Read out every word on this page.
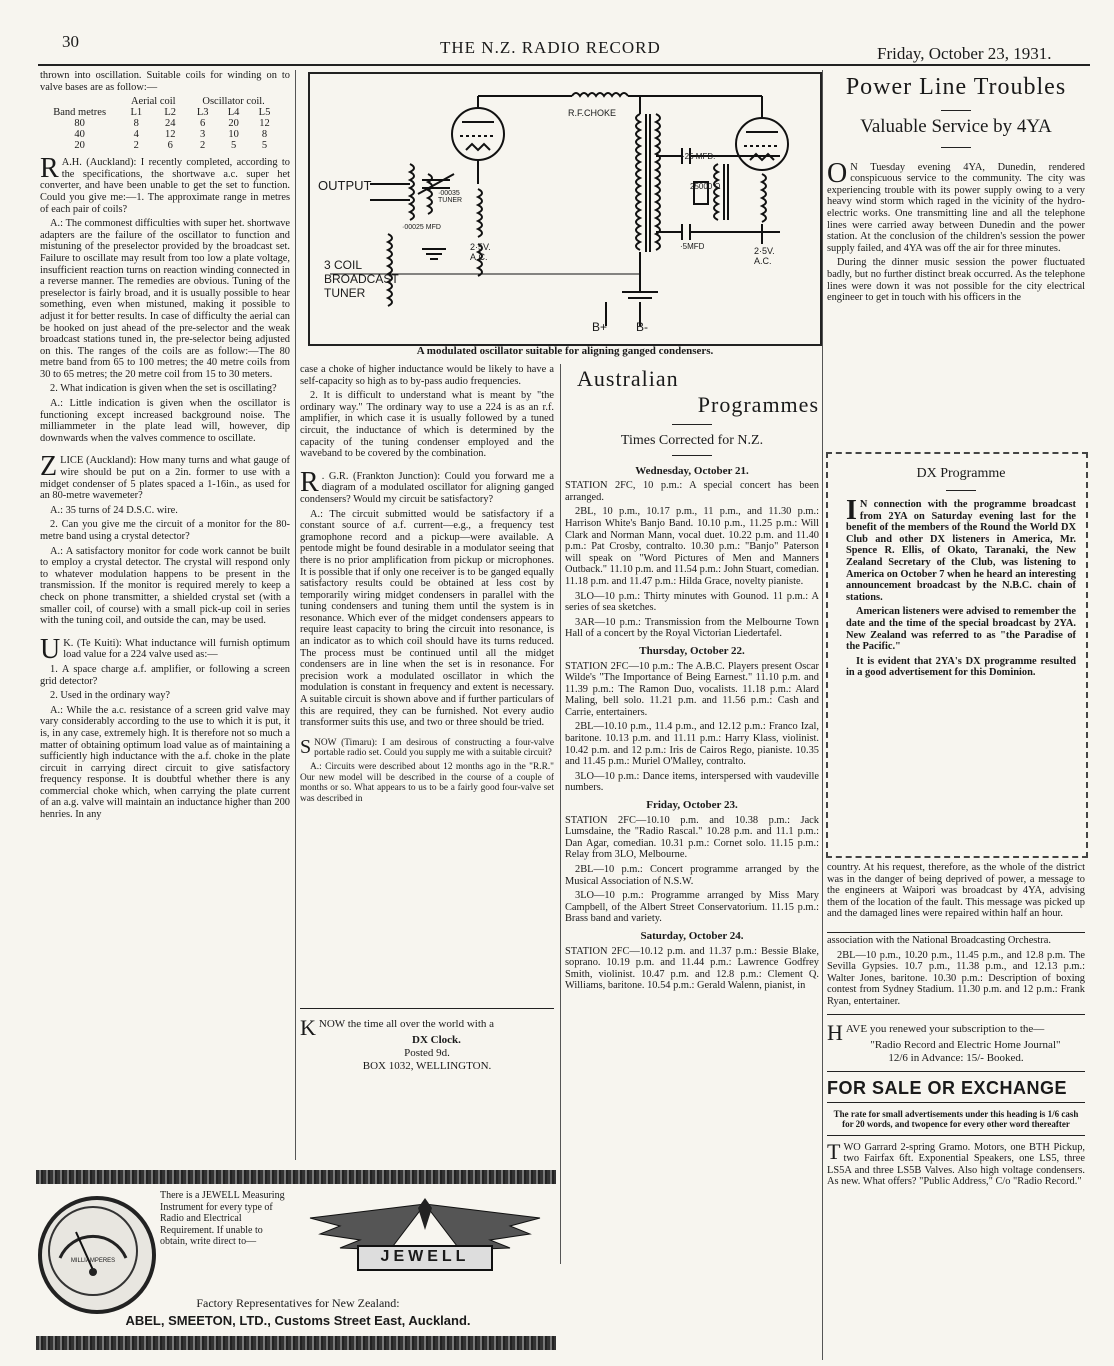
30	THE N.Z. RADIO RECORD	Friday, October 23, 1931.

thrown into oscillation. Suitable coils for winding on to valve bases are as follow:—

	Aerial coil		Oscillator coil.		
Band metres	L1	L2	L3	L4	L5
80	8	24	6	20	12
40	4	12	3	10	8
20	2	6	2	5	5

R A.H. (Auckland): I recently completed, according to the specifications, the shortwave a.c. super het converter, and have been unable to get the set to function. Could you give me:—1. The approximate range in metres of each pair of coils?

A.: The commonest difficulties with super het. shortwave adapters are the failure of the oscillator to function and mistuning of the preselector provided by the broadcast set. Failure to oscillate may result from too low a plate voltage, insufficient reaction turns on reaction winding connected in a reverse manner. The remedies are obvious. Tuning of the preselector is fairly broad, and it is usually possible to hear something, even when mistuned, making it possible to adjust it for better results. In case of difficulty the aerial can be hooked on just ahead of the pre-selector and the weak broadcast stations tuned in, the pre-selector being adjusted on this. The ranges of the coils are as follow:—The 80 metre band from 65 to 100 metres; the 40 metre coils from 30 to 65 metres; the 20 metre coil from 15 to 30 meters.

2. What indication is given when the set is oscillating?

A.: Little indication is given when the oscillator is functioning except increased background noise. The milliammeter in the plate lead will, however, dip downwards when the valves commence to oscillate.

ZLICE (Auckland): How many turns and what gauge of wire should be put on a 2in. former to use with a midget condenser of 5 plates spaced a 1-16in., as used for an 80-metre wavemeter?

A.: 35 turns of 24 D.S.C. wire.

2. Can you give me the circuit of a monitor for the 80-metre band using a crystal detector?

A.: A satisfactory monitor for code work cannot be built to employ a crystal detector. The crystal will respond only to whatever modulation happens to be present in the transmission. If the monitor is required merely to keep a check on phone transmitter, a shielded crystal set (with a smaller coil, of course) with a small pick-up coil in series with the tuning coil, and outside the can, may be used.

U K. (Te Kuiti): What inductance will furnish optimum load value for a 224 valve used as:—

1. A space charge a.f. amplifier, or following a screen grid detector?

2. Used in the ordinary way?

A.: While the a.c. resistance of a screen grid valve may vary considerably according to the use to which it is put, it is, in any case, extremely high. It is therefore not so much a matter of obtaining optimum load value as of maintaining a sufficiently high inductance with the a.f. choke in the plate circuit in carrying direct circuit to give satisfactory frequency response. It is doubtful whether there is any commercial choke which, when carrying the plate current of an a.g. valve will maintain an inductance higher than 200 henries. In any

R.F.CHOKE
OUTPUT
·00035 TUNER
·25 MFD.
25000 Ω
·5MFD
·00025 MFD
2·5V. A.C.
2·5V. A.C.
3 COIL BROADCAST TUNER
B+ B-
A modulated oscillator suitable for aligning ganged condensers.

case a choke of higher inductance would be likely to have a self-capacity so high as to by-pass audio frequencies.

2. It is difficult to understand what is meant by "the ordinary way." The ordinary way to use a 224 is as an r.f. amplifier, in which case it is usually followed by a tuned circuit, the inductance of which is determined by the capacity of the tuning condenser employed and the waveband to be covered by the combination.

R . G.R. (Frankton Junction): Could you forward me a diagram of a modulated oscillator for aligning ganged condensers? Would my circuit be satisfactory?

A.: The circuit submitted would be satisfactory if a constant source of a.f. current—e.g., a frequency test gramophone record and a pickup—were available. A pentode might be found desirable in a modulator seeing that there is no prior amplification from pickup or microphones. It is possible that if only one receiver is to be ganged equally satisfactory results could be obtained at less cost by temporarily wiring midget condensers in parallel with the tuning condensers and tuning them until the system is in resonance. Which ever of the midget condensers appears to require least capacity to bring the circuit into resonance, is an indicator as to which coil should have its turns reduced. The process must be continued until all the midget condensers are in line when the set is in resonance. For precision work a modulated oscillator in which the modulation is constant in frequency and extent is necessary. A suitable circuit is shown above and if further particulars of this are required, they can be furnished. Not every audio transformer suits this use, and two or three should be tried.

SNOW (Timaru): I am desirous of constructing a four-valve portable radio set. Could you supply me with a suitable circuit?

A.: Circuits were described about 12 months ago in the "R.R." Our new model will be described in the course of a couple of months or so. What appears to us to be a fairly good four-valve set was described in

KNOW the time all over the world with a

DX Clock.
Posted 9d.
BOX 1032, WELLINGTON.
Australian
Programmes
Times Corrected for N.Z.
Wednesday, October 21.

STATION 2FC, 10 p.m.: A special concert has been arranged.

2BL, 10 p.m., 10.17 p.m., 11 p.m., and 11.30 p.m.: Harrison White's Banjo Band. 10.10 p.m., 11.25 p.m.: Will Clark and Norman Mann, vocal duet. 10.22 p.m. and 11.40 p.m.: Pat Crosby, contralto. 10.30 p.m.: "Banjo" Paterson will speak on "Word Pictures of Men and Manners Outback." 11.10 p.m. and 11.54 p.m.: John Stuart, comedian. 11.18 p.m. and 11.47 p.m.: Hilda Grace, novelty pianiste.

3LO—10 p.m.: Thirty minutes with Gounod. 11 p.m.: A series of sea sketches.

3AR—10 p.m.: Transmission from the Melbourne Town Hall of a concert by the Royal Victorian Liedertafel.

Thursday, October 22.

STATION 2FC—10 p.m.: The A.B.C. Players present Oscar Wilde's "The Importance of Being Earnest." 11.10 p.m. and 11.39 p.m.: The Ramon Duo, vocalists. 11.18 p.m.: Alard Maling, bell solo. 11.21 p.m. and 11.56 p.m.: Cash and Carrie, entertainers.

2BL—10.10 p.m., 11.4 p.m., and 12.12 p.m.: Franco Izal, baritone. 10.13 p.m. and 11.11 p.m.: Harry Klass, violinist. 10.42 p.m. and 12 p.m.: Iris de Cairos Rego, pianiste. 10.35 and 11.45 p.m.: Muriel O'Malley, contralto.

3LO—10 p.m.: Dance items, interspersed with vaudeville numbers.

Friday, October 23.

STATION 2FC—10.10 p.m. and 10.38 p.m.: Jack Lumsdaine, the "Radio Rascal." 10.28 p.m. and 11.1 p.m.: Dan Agar, comedian. 10.31 p.m.: Cornet solo. 11.15 p.m.: Relay from 3LO, Melbourne.

2BL—10 p.m.: Concert programme arranged by the Musical Association of N.S.W.

3LO—10 p.m.: Programme arranged by Miss Mary Campbell, of the Albert Street Conservatorium. 11.15 p.m.: Brass band and variety.

Saturday, October 24.

STATION 2FC—10.12 p.m. and 11.37 p.m.: Bessie Blake, soprano. 10.19 p.m. and 11.44 p.m.: Lawrence Godfrey Smith, violinist. 10.47 p.m. and 12.8 p.m.: Clement Q. Williams, baritone. 10.54 p.m.: Gerald Walenn, pianist, in

Power Line Troubles
Valuable Service by 4YA

O N Tuesday evening 4YA, Dunedin, rendered conspicuous service to the community. The city was experiencing trouble with its power supply owing to a very heavy wind storm which raged in the vicinity of the hydro-electric works. One transmitting line and all the telephone lines were carried away between Dunedin and the power station. At the conclusion of the children's session the power supply failed, and 4YA was off the air for three minutes.

During the dinner music session the power fluctuated badly, but no further distinct break occurred. As the telephone lines were down it was not possible for the city electrical engineer to get in touch with his officers in the

DX Programme

I N connection with the programme broadcast from 2YA on Saturday evening last for the benefit of the members of the Round the World DX Club and other DX listeners in America, Mr. Spence R. Ellis, of Okato, Taranaki, the New Zealand Secretary of the Club, was listening to America on October 7 when he heard an interesting announcement broadcast by the N.B.C. chain of stations.

American listeners were advised to remember the date and the time of the special broadcast by 2YA. New Zealand was referred to as "the Paradise of the Pacific."

It is evident that 2YA's DX programme resulted in a good advertisement for this Dominion.

country. At his request, therefore, as the whole of the district was in the danger of being deprived of power, a message to the engineers at Waipori was broadcast by 4YA, advising them of the location of the fault. This message was picked up and the damaged lines were repaired within half an hour.

association with the National Broadcasting Orchestra.

2BL—10 p.m., 10.20 p.m., 11.45 p.m., and 12.8 p.m. The Sevilla Gypsies. 10.7 p.m., 11.38 p.m., and 12.13 p.m.: Walter Jones, baritone. 10.30 p.m.: Description of boxing contest from Sydney Stadium. 11.30 p.m. and 12 p.m.: Frank Ryan, entertainer.

HAVE you renewed your subscription to the—

"Radio Record and Electric Home Journal"
12/6 in Advance: 15/- Booked.
FOR SALE OR EXCHANGE
The rate for small advertisements under this heading is 1/6 cash for 20 words, and twopence for every other word thereafter

TWO Garrard 2-spring Gramo. Motors, one BTH Pickup, two Fairfax 6ft. Exponential Speakers, one LS5, three LS5A and three LS5B Valves. Also high voltage condensers. As new. What offers? "Public Address," C/o "Radio Record."

MILLIAMPERES
There is a JEWELL Measuring Instrument for every type of Radio and Electrical Requirement. If unable to obtain, write direct to—
JEWELL
Factory Representatives for New Zealand:
ABEL, SMEETON, LTD., Customs Street East, Auckland.
